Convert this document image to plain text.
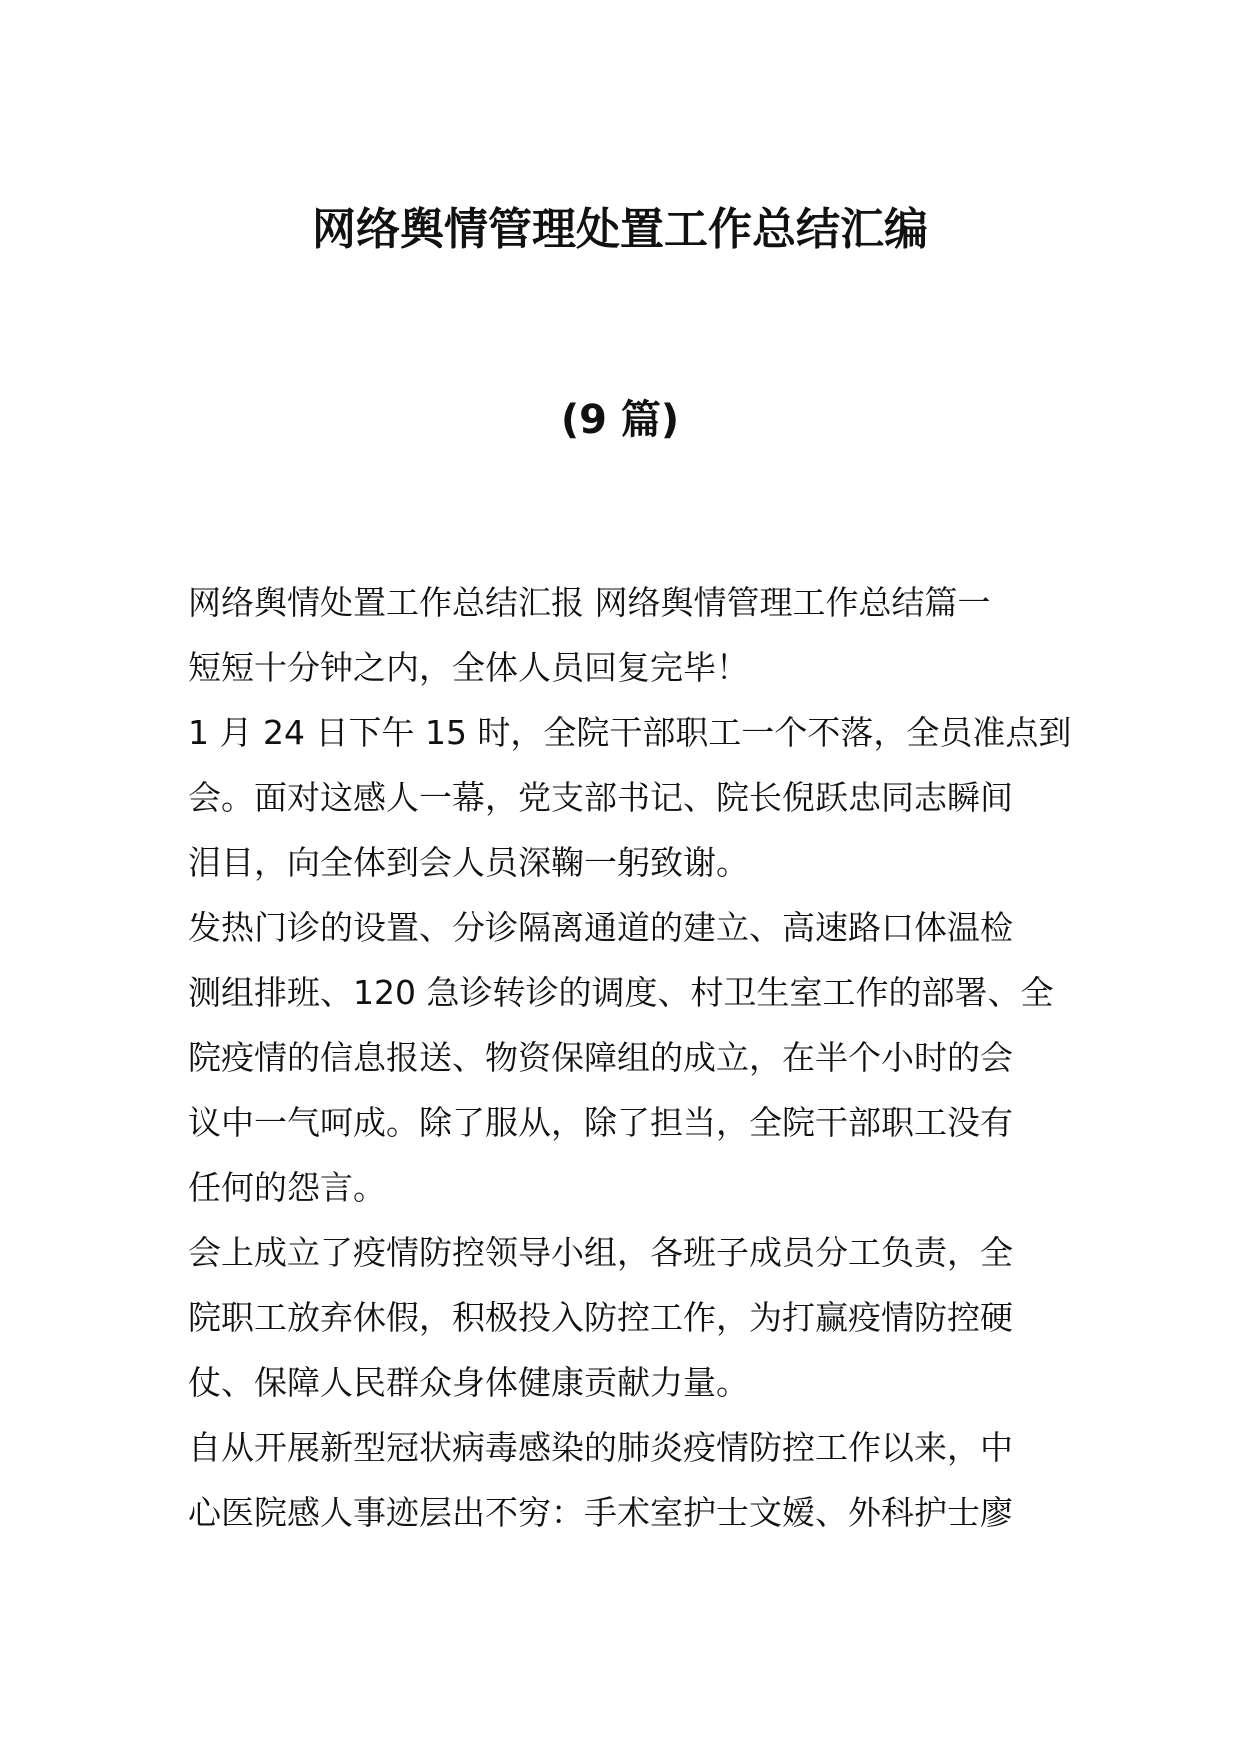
网络舆情管理处置工作总结汇编
(9 篇)

网络舆情处置工作总结汇报 网络舆情管理工作总结篇一

短短十分钟之内，全体人员回复完毕！

1 月 24 日下午 15 时，全院干部职工一个不落，全员准点到

会。面对这感人一幕，党支部书记、院长倪跃忠同志瞬间

泪目，向全体到会人员深鞠一躬致谢。

发热门诊的设置、分诊隔离通道的建立、高速路口体温检

测组排班、120 急诊转诊的调度、村卫生室工作的部署、全

院疫情的信息报送、物资保障组的成立，在半个小时的会

议中一气呵成。除了服从，除了担当，全院干部职工没有

任何的怨言。

会上成立了疫情防控领导小组，各班子成员分工负责，全

院职工放弃休假，积极投入防控工作，为打赢疫情防控硬

仗、保障人民群众身体健康贡献力量。

自从开展新型冠状病毒感染的肺炎疫情防控工作以来，中

心医院感人事迹层出不穷：手术室护士文嫒、外科护士廖
